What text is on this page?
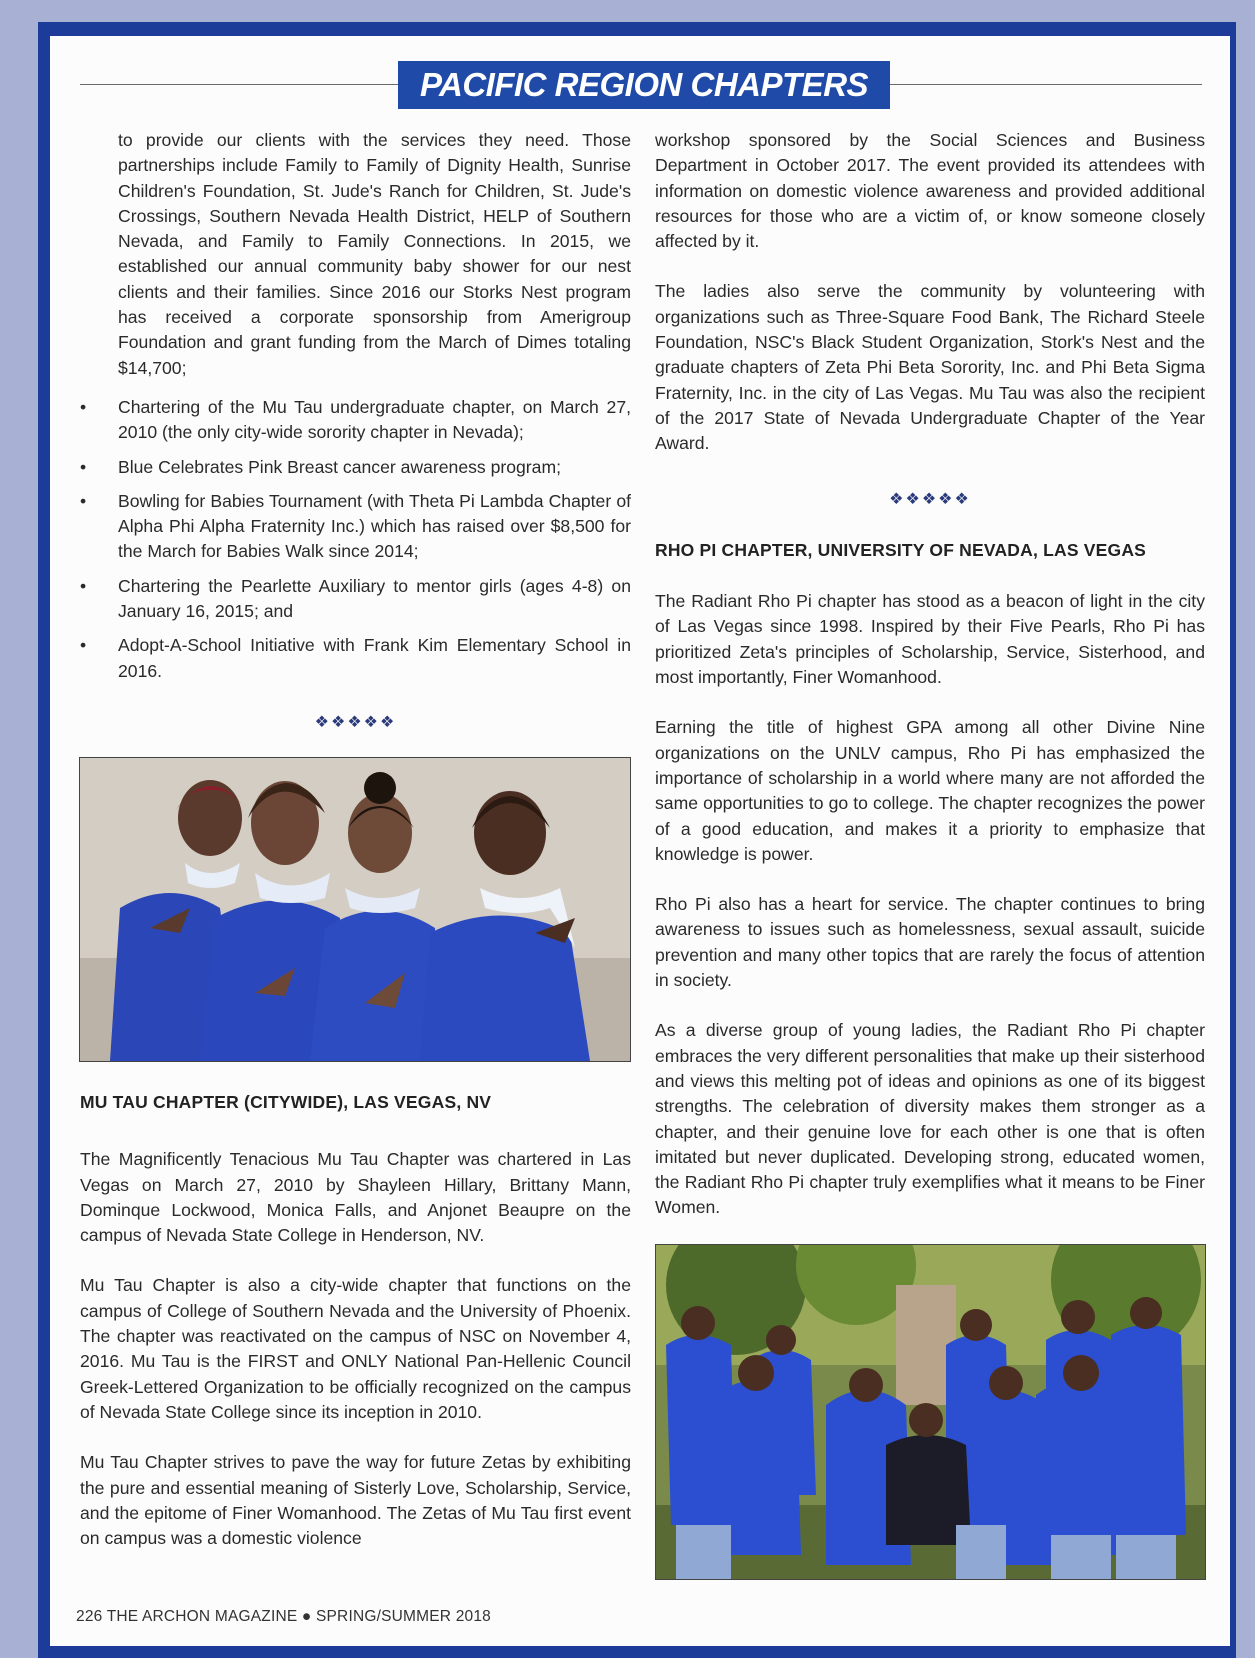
PACIFIC REGION CHAPTERS

to provide our clients with the services they need. Those partnerships include Family to Family of Dignity Health, Sunrise Children's Foundation, St. Jude's Ranch for Children, St. Jude's Crossings, Southern Nevada Health District, HELP of Southern Nevada, and Family to Family Connections. In 2015, we established our annual community baby shower for our nest clients and their families. Since 2016 our Storks Nest program has received a corporate sponsorship from Amerigroup Foundation and grant funding from the March of Dimes totaling $14,700;

• Chartering of the Mu Tau undergraduate chapter, on March 27, 2010 (the only city-wide sorority chapter in Nevada);
• Blue Celebrates Pink Breast cancer awareness program;
• Bowling for Babies Tournament (with Theta Pi Lambda Chapter of Alpha Phi Alpha Fraternity Inc.) which has raised over $8,500 for the March for Babies Walk since 2014;
• Chartering the Pearlette Auxiliary to mentor girls (ages 4-8) on January 16, 2015; and
• Adopt-A-School Initiative with Frank Kim Elementary School in 2016.
❖❖❖❖❖
MU TAU CHAPTER (CITYWIDE), LAS VEGAS, NV

The Magnificently Tenacious Mu Tau Chapter was chartered in Las Vegas on March 27, 2010 by Shayleen Hillary, Brittany Mann, Dominque Lockwood, Monica Falls, and Anjonet Beaupre on the campus of Nevada State College in Henderson, NV.

Mu Tau Chapter is also a city-wide chapter that functions on the campus of College of Southern Nevada and the University of Phoenix. The chapter was reactivated on the campus of NSC on November 4, 2016. Mu Tau is the FIRST and ONLY National Pan-Hellenic Council Greek-Lettered Organization to be officially recognized on the campus of Nevada State College since its inception in 2010.

Mu Tau Chapter strives to pave the way for future Zetas by exhibiting the pure and essential meaning of Sisterly Love, Scholarship, Service, and the epitome of Finer Womanhood. The Zetas of Mu Tau first event on campus was a domestic violence

workshop sponsored by the Social Sciences and Business Department in October 2017. The event provided its attendees with information on domestic violence awareness and provided additional resources for those who are a victim of, or know someone closely affected by it.

The ladies also serve the community by volunteering with organizations such as Three-Square Food Bank, The Richard Steele Foundation, NSC's Black Student Organization, Stork's Nest and the graduate chapters of Zeta Phi Beta Sorority, Inc. and Phi Beta Sigma Fraternity, Inc. in the city of Las Vegas. Mu Tau was also the recipient of the 2017 State of Nevada Undergraduate Chapter of the Year Award.

❖❖❖❖❖
RHO PI CHAPTER, UNIVERSITY OF NEVADA, LAS VEGAS

The Radiant Rho Pi chapter has stood as a beacon of light in the city of Las Vegas since 1998. Inspired by their Five Pearls, Rho Pi has prioritized Zeta's principles of Scholarship, Service, Sisterhood, and most importantly, Finer Womanhood.

Earning the title of highest GPA among all other Divine Nine organizations on the UNLV campus, Rho Pi has emphasized the importance of scholarship in a world where many are not afforded the same opportunities to go to college. The chapter recognizes the power of a good education, and makes it a priority to emphasize that knowledge is power.

Rho Pi also has a heart for service. The chapter continues to bring awareness to issues such as homelessness, sexual assault, suicide prevention and many other topics that are rarely the focus of attention in society.

As a diverse group of young ladies, the Radiant Rho Pi chapter embraces the very different personalities that make up their sisterhood and views this melting pot of ideas and opinions as one of its biggest strengths. The celebration of diversity makes them stronger as a chapter, and their genuine love for each other is one that is often imitated but never duplicated. Developing strong, educated women, the Radiant Rho Pi chapter truly exemplifies what it means to be Finer Women.

226 THE ARCHON MAGAZINE ● SPRING/SUMMER 2018
